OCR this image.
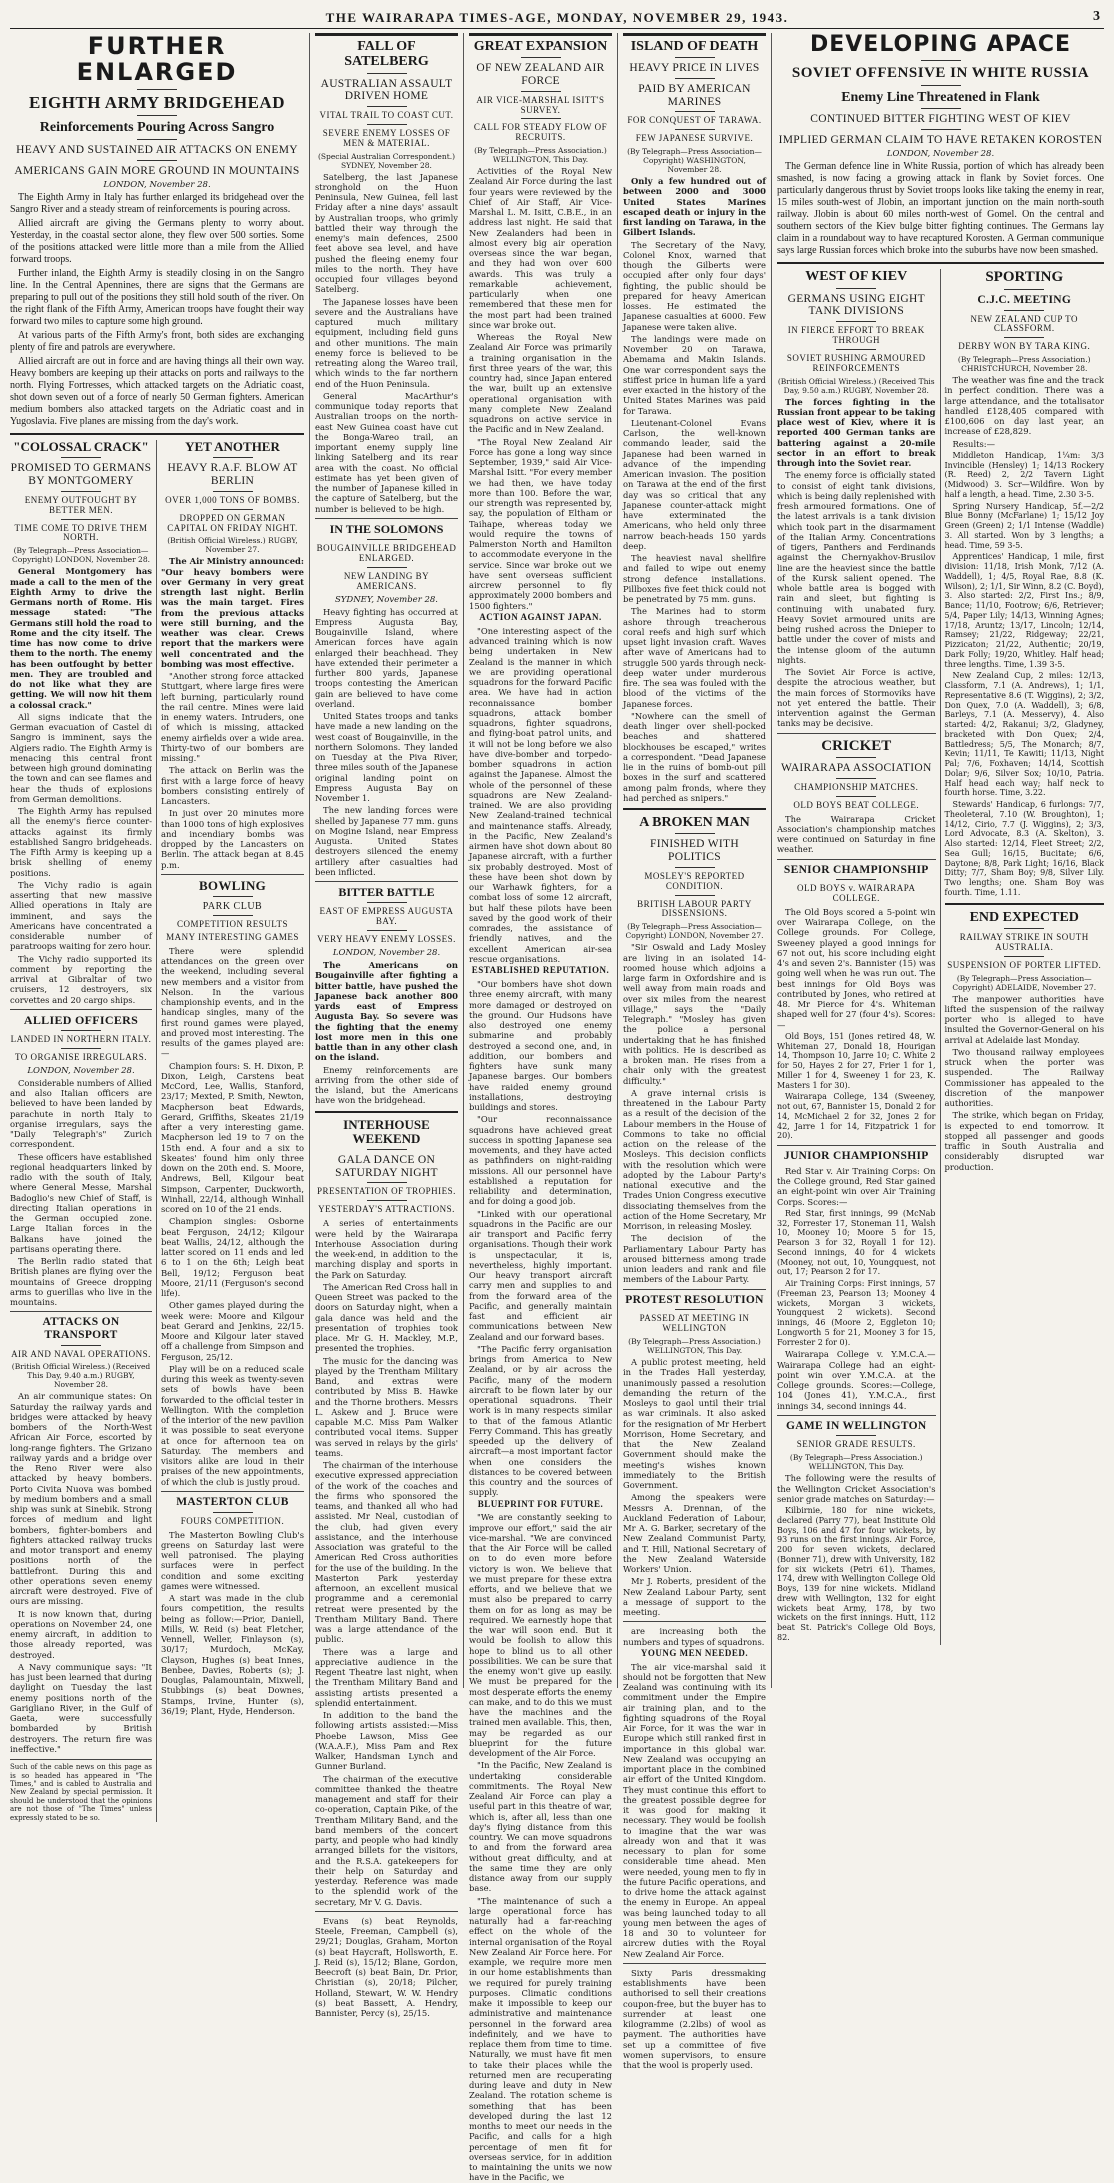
THE WAIRARAPA TIMES-AGE, MONDAY, NOVEMBER 29, 1943.	3
FURTHER ENLARGED
EIGHTH ARMY BRIDGEHEAD
Reinforcements Pouring Across Sangro
HEAVY AND SUSTAINED AIR ATTACKS ON ENEMY
AMERICANS GAIN MORE GROUND IN MOUNTAINS
LONDON, November 28.

The Eighth Army in Italy has further enlarged its bridgehead over the Sangro River and a steady stream of reinforcements is pouring across.

Allied aircraft are giving the Germans plenty to worry about. Yesterday, in the coastal sector alone, they flew over 500 sorties. Some of the positions attacked were little more than a mile from the Allied forward troops.

Further inland, the Eighth Army is steadily closing in on the Sangro line. In the Central Apennines, there are signs that the Germans are preparing to pull out of the positions they still hold south of the river. On the right flank of the Fifth Army, American troops have fought their way forward two miles to capture some high ground.

At various parts of the Fifth Army's front, both sides are exchanging plenty of fire and patrols are everywhere.

Allied aircraft are out in force and are having things all their own way. Heavy bombers are keeping up their attacks on ports and railways to the north. Flying Fortresses, which attacked targets on the Adriatic coast, shot down seven out of a force of nearly 50 German fighters. American medium bombers also attacked targets on the Adriatic coast and in Yugoslavia. Five planes are missing from the day's work.

"COLOSSAL CRACK"
PROMISED TO GERMANS BY MONTGOMERY
ENEMY OUTFOUGHT BY BETTER MEN.
TIME COME TO DRIVE THEM NORTH.
(By Telegraph—Press Association—Copyright) LONDON, November 28.

General Montgomery has made a call to the men of the Eighth Army to drive the Germans north of Rome. His message stated: "The Germans still hold the road to Rome and the city itself. The time has now come to drive them to the north. The enemy has been outfought by better men. They are troubled and do not like what they are getting. We will now hit them a colossal crack."

All signs indicate that the German evacuation of Castel di Sangro is imminent, says the Algiers radio. The Eighth Army is menacing this central front between high ground dominating the town and can see flames and hear the thuds of explosions from German demolitions.

The Eighth Army has repulsed all the enemy's fierce counter-attacks against its firmly established Sangro bridgeheads. The Fifth Army is keeping up a brisk shelling of enemy positions.

The Vichy radio is again asserting that new massive Allied operations in Italy are imminent, and says the Americans have concentrated a considerable number of paratroops waiting for zero hour.

The Vichy radio supported its comment by reporting the arrival at Gibraltar of two cruisers, 12 destroyers, six corvettes and 20 cargo ships.

ALLIED OFFICERS
LANDED IN NORTHERN ITALY.
TO ORGANISE IRREGULARS.
LONDON, November 28.

Considerable numbers of Allied and also Italian officers are believed to have been landed by parachute in north Italy to organise irregulars, says the "Daily Telegraph's" Zurich correspondent.

These officers have established regional headquarters linked by radio with the south of Italy, where General Messe, Marshal Badoglio's new Chief of Staff, is directing Italian operations in the German occupied zone. Large Italian forces in the Balkans have joined the partisans operating there.

The Berlin radio stated that British planes are flying over the mountains of Greece dropping arms to guerillas who live in the mountains.

ATTACKS ON TRANSPORT
AIR AND NAVAL OPERATIONS.
(British Official Wireless.) (Received This Day, 9.40 a.m.) RUGBY, November 28.

An air communique states: On Saturday the railway yards and bridges were attacked by heavy bombers of the North-West African Air Force, escorted by long-range fighters. The Grizano railway yards and a bridge over the Reno River were also attacked by heavy bombers. Porto Civita Nuova was bombed by medium bombers and a small ship was sunk at Sinebik. Strong forces of medium and light bombers, fighter-bombers and fighters attacked railway trucks and motor transport and enemy positions north of the battlefront. During this and other operations seven enemy aircraft were destroyed. Five of ours are missing.

It is now known that, during operations on November 24, one enemy aircraft, in addition to those already reported, was destroyed.

A Navy communique says: "It has just been learned that during daylight on Tuesday the last enemy positions north of the Garigliano River, in the Gulf of Gaeta, were successfully bombarded by British destroyers. The return fire was ineffective."

Such of the cable news on this page as is so headed has appeared in "The Times," and is cabled to Australia and New Zealand by special permission. It should be understood that the opinions are not those of "The Times" unless expressly stated to be so.
YET ANOTHER
HEAVY R.A.F. BLOW AT BERLIN
OVER 1,000 TONS OF BOMBS.
DROPPED ON GERMAN CAPITAL ON FRIDAY NIGHT.
(British Official Wireless.) RUGBY, November 27.

The Air Ministry announced: "Our heavy bombers were over Germany in very great strength last night. Berlin was the main target. Fires from the previous attacks were still burning, and the weather was clear. Crews report that the markers were well concentrated and the bombing was most effective.

"Another strong force attacked Stuttgart, where large fires were left burning, particularly round the rail centre. Mines were laid in enemy waters. Intruders, one of which is missing, attacked enemy airfields over a wide area. Thirty-two of our bombers are missing."

The attack on Berlin was the first with a large force of heavy bombers consisting entirely of Lancasters.

In just over 20 minutes more than 1000 tons of high explosives and incendiary bombs was dropped by the Lancasters on Berlin. The attack began at 8.45 p.m.

BOWLING
PARK CLUB
COMPETITION RESULTS
MANY INTERESTING GAMES

There were splendid attendances on the green over the weekend, including several new members and a visitor from Nelson. In the various championship events, and in the handicap singles, many of the first round games were played, and proved most interesting. The results of the games played are:—

Champion fours: S. H. Dixon, P. Dixon, Leigh, Carstens beat McCord, Lee, Wallis, Stanford, 23/17; Mexted, P. Smith, Newton, Macpherson beat Edwards, Gerard, Griffiths, Skeates 21/19 after a very interesting game. Macpherson led 19 to 7 on the 15th end. A four and a six to Skeates' found him only three down on the 20th end. S. Moore, Andrews, Bell, Kilgour beat Simpson, Carpenter, Duckworth, Winhall, 22/14, although Winhall scored on 10 of the 21 ends.

Champion singles: Osborne beat Ferguson, 24/12; Kilgour beat Wallis, 24/12, although the latter scored on 11 ends and led 6 to 1 on the 6th; Leigh beat Bell, 19/12; Ferguson beat Moore, 21/11 (Ferguson's second life).

Other games played during the week were: Moore and Kilgour beat Gerard and Jenkins, 22/15. Moore and Kilgour later staved off a challenge from Simpson and Ferguson, 25/12.

Play will be on a reduced scale during this week as twenty-seven sets of bowls have been forwarded to the official tester in Wellington. With the completion of the interior of the new pavilion it was possible to seat everyone at once for afternoon tea on Saturday. The members and visitors alike are loud in their praises of the new appointments, of which the club is justly proud.

MASTERTON CLUB
FOURS COMPETITION.

The Masterton Bowling Club's greens on Saturday last were well patronised. The playing surfaces were in perfect condition and some exciting games were witnessed.

A start was made in the club fours competition, the results being as follow:—Prior, Daniell, Mills, W. Reid (s) beat Fletcher, Vennell, Weller, Finlayson (s), 30/17; Murdoch, McKay, Clayson, Hughes (s) beat Innes, Benbee, Davies, Roberts (s); J. Douglas, Palamountain, Mixwell, Stubbings (s) beat Downes, Stamps, Irvine, Hunter (s), 36/19; Plant, Hyde, Henderson.

FALL OF SATELBERG
AUSTRALIAN ASSAULT DRIVEN HOME
VITAL TRAIL TO COAST CUT.
SEVERE ENEMY LOSSES OF MEN & MATERIAL.
(Special Australian Correspondent.) SYDNEY, November 28.

Satelberg, the last Japanese stronghold on the Huon Peninsula, New Guinea, fell last Friday after a nine days' assault by Australian troops, who grimly battled their way through the enemy's main defences, 2500 feet above sea level, and have pushed the fleeing enemy four miles to the north. They have occupied four villages beyond Satelberg.

The Japanese losses have been severe and the Australians have captured much military equipment, including field guns and other munitions. The main enemy force is believed to be retreating along the Wareo trail, which winds to the far northern end of the Huon Peninsula.

General MacArthur's communique today reports that Australian troops on the north-east New Guinea coast have cut the Bonga-Wareo trail, an important enemy supply line linking Satelberg and its rear area with the coast. No official estimate has yet been given of the number of Japanese killed in the capture of Satelberg, but the number is believed to be high.

IN THE SOLOMONS
BOUGAINVILLE BRIDGEHEAD ENLARGED.
NEW LANDING BY AMERICANS.
SYDNEY, November 28.

Heavy fighting has occurred at Empress Augusta Bay, Bougainville Island, where American forces have again enlarged their beachhead. They have extended their perimeter a further 800 yards, Japanese troops contesting the American gain are believed to have come overland.

United States troops and tanks have made a new landing on the west coast of Bougainville, in the northern Solomons. They landed on Tuesday at the Piva River, three miles south of the Japanese original landing point on Empress Augusta Bay on November 1.

The new landing forces were shelled by Japanese 77 mm. guns on Mogine Island, near Empress Augusta. United States destroyers silenced the enemy artillery after casualties had been inflicted.

BITTER BATTLE
EAST OF EMPRESS AUGUSTA BAY.
VERY HEAVY ENEMY LOSSES.
LONDON, November 28.

The Americans on Bougainville after fighting a bitter battle, have pushed the Japanese back another 800 yards east of Empress Augusta Bay. So severe was the fighting that the enemy lost more men in this one battle than in any other clash on the island.

Enemy reinforcements are arriving from the other side of the island, but the Americans have won the bridgehead.

INTERHOUSE WEEKEND
GALA DANCE ON SATURDAY NIGHT
PRESENTATION OF TROPHIES.
YESTERDAY'S ATTRACTIONS.

A series of entertainments were held by the Wairarapa Interhouse Association during the week-end, in addition to the marching display and sports in the Park on Saturday.

The American Red Cross hall in Queen Street was packed to the doors on Saturday night, when a gala dance was held and the presentation of trophies took place. Mr G. H. Mackley, M.P., presented the trophies.

The music for the dancing was played by the Trentham Military Band, and extras were contributed by Miss B. Hawke and the Thorne brothers. Messrs L. Askew and J. Bruce were capable M.C. Miss Pam Walker contributed vocal items. Supper was served in relays by the girls' teams.

The chairman of the interhouse executive expressed appreciation of the work of the coaches and the firms who sponsored the teams, and thanked all who had assisted. Mr Neal, custodian of the club, had given every assistance, and the interhouse Association was grateful to the American Red Cross authorities for the use of the building. In the Masterton Park yesterday afternoon, an excellent musical programme and a ceremonial retreat were presented by the Trentham Military Band. There was a large attendance of the public.

There was a large and appreciative audience in the Regent Theatre last night, when the Trentham Military Band and assisting artists presented a splendid entertainment.

In addition to the band the following artists assisted:—Miss Phoebe Lawson, Miss Gee (W.A.A.F.), Miss Pam and Rex Walker, Handsman Lynch and Gunner Burland.

The chairman of the executive committee thanked the theatre management and staff for their co-operation, Captain Pike, of the Trentham Military Band, and the band members of the concert party, and people who had kindly arranged billets for the visitors, and the R.S.A. gatekeepers for their help on Saturday and yesterday. Reference was made to the splendid work of the secretary, Mr V. G. Davis.

Evans (s) beat Reynolds, Steele, Freeman, Campbell (s), 29/21; Douglas, Graham, Morton (s) beat Haycraft, Hollsworth, E. J. Reid (s), 15/12; Blane, Gordon, Beecroft (s) beat Bain, Dr. Prior, Christian (s), 20/18; Pilcher, Holland, Stewart, W. W. Hendry (s) beat Bassett, A. Hendry, Bannister, Percy (s), 25/15.

GREAT EXPANSION
OF NEW ZEALAND AIR FORCE
AIR VICE-MARSHAL ISITT'S SURVEY.
CALL FOR STEADY FLOW OF RECRUITS.
(By Telegraph—Press Association.) WELLINGTON, This Day.

Activities of the Royal New Zealand Air Force during the last four years were reviewed by the Chief of Air Staff, Air Vice-Marshal L. M. Isitt, C.B.E., in an address last night. He said that New Zealanders had been in almost every big air operation overseas since the war began, and they had won over 600 awards. This was truly a remarkable achievement, particularly when one remembered that these men for the most part had been trained since war broke out.

Whereas the Royal New Zealand Air Force was primarily a training organisation in the first three years of the war, this country had, since Japan entered the war, built up an extensive operational organisation with many complete New Zealand squadrons on active service in the Pacific and in New Zealand.

"The Royal New Zealand Air Force has gone a long way since September, 1939," said Air Vice-Marshal Isitt. "For every member we had then, we have today more than 100. Before the war, our strength was represented by, say, the population of Eltham or Taihape, whereas today we would require the towns of Palmerston North and Hamilton to accommodate everyone in the service. Since war broke out we have sent overseas sufficient aircrew personnel to fly approximately 2000 bombers and 1500 fighters."

ACTION AGAINST JAPAN.

"One interesting aspect of the advanced training which is now being undertaken in New Zealand is the manner in which we are providing operational squadrons for the forward Pacific area. We have had in action reconnaissance bomber squadrons, attack bomber squadrons, fighter squadrons, and flying-boat patrol units, and it will not be long before we also have dive-bomber and torpedo-bomber squadrons in action against the Japanese. Almost the whole of the personnel of these squadrons are New Zealand-trained. We are also providing New Zealand-trained technical and maintenance staffs. Already, in the Pacific, New Zealand's airmen have shot down about 80 Japanese aircraft, with a further six probably destroyed. Most of these have been shot down by our Warhawk fighters, for a combat loss of some 12 aircraft, but half these pilots have been saved by the good work of their comrades, the assistance of friendly natives, and the excellent American air-sea rescue organisations.

ESTABLISHED REPUTATION.

"Our bombers have shot down three enemy aircraft, with many more damaged or destroyed on the ground. Our Hudsons have also destroyed one enemy submarine and probably destroyed a second one, and, in addition, our bombers and fighters have sunk many Japanese barges. Our bombers have raided enemy ground installations, destroying buildings and stores.

"Our reconnaissance squadrons have achieved great success in spotting Japanese sea movements, and they have acted as pathfinders on night-raiding missions. All our personnel have established a reputation for reliability and determination, and for doing a good job.

"Linked with our operational squadrons in the Pacific are our air transport and Pacific ferry organisations. Though their work is unspectacular, it is, nevertheless, highly important. Our heavy transport aircraft carry men and supplies to and from the forward area of the Pacific, and generally maintain fast and efficient air communications between New Zealand and our forward bases.

"The Pacific ferry organisation brings from America to New Zealand, or by air across the Pacific, many of the modern aircraft to be flown later by our operational squadrons. Their work is in many respects similar to that of the famous Atlantic Ferry Command. This has greatly speeded up the delivery of aircraft—a most important factor when one considers the distances to be covered between this country and the sources of supply.

BLUEPRINT FOR FUTURE.

"We are constantly seeking to improve our effort," said the air vice-marshal. "We are convinced that the Air Force will be called on to do even more before victory is won. We believe that we must prepare for these extra efforts, and we believe that we must also be prepared to carry them on for as long as may be required. We earnestly hope that the war will soon end. But it would be foolish to allow this hope to blind us to all other possibilities. We can be sure that the enemy won't give up easily. We must be prepared for the most desperate efforts the enemy can make, and to do this we must have the machines and the trained men available. This, then, may be regarded as our blueprint for the future development of the Air Force.

"In the Pacific, New Zealand is undertaking considerable commitments. The Royal New Zealand Air Force can play a useful part in this theatre of war, which is, after all, less than one day's flying distance from this country. We can move squadrons to and from the forward area without great difficulty, and at the same time they are only distance away from our supply base.

"The maintenance of such a large operational force has naturally had a far-reaching effect on the whole of the internal organisation of the Royal New Zealand Air Force here. For example, we require more men in our home establishments than we required for purely training purposes. Climatic conditions make it impossible to keep our administrative and maintenance personnel in the forward area indefinitely, and we have to replace them from time to time. Naturally, we must have fit men to take their places while the returned men are recuperating during leave and duty in New Zealand. The rotation scheme is something that has been developed during the last 12 months to meet our needs in the Pacific, and calls for a high percentage of men fit for overseas service, for in addition to maintaining the units we now have in the Pacific, we

ISLAND OF DEATH
HEAVY PRICE IN LIVES
PAID BY AMERICAN MARINES
FOR CONQUEST OF TARAWA.
FEW JAPANESE SURVIVE.
(By Telegraph—Press Association—Copyright) WASHINGTON, November 28.

Only a few hundred out of between 2000 and 3000 United States Marines escaped death or injury in the first landing on Tarawa, in the Gilbert Islands.

The Secretary of the Navy, Colonel Knox, warned that though the Gilberts were occupied after only four days' fighting, the public should be prepared for heavy American losses. He estimated the Japanese casualties at 6000. Few Japanese were taken alive.

The landings were made on November 20 on Tarawa, Abemama and Makin Islands. One war correspondent says the stiffest price in human life a yard ever exacted in the history of the United States Marines was paid for Tarawa.

Lieutenant-Colonel Evans Carlson, the well-known commando leader, said the Japanese had been warned in advance of the impending American invasion. The position on Tarawa at the end of the first day was so critical that any Japanese counter-attack might have exterminated the Americans, who held only three narrow beach-heads 150 yards deep.

The heaviest naval shellfire and failed to wipe out enemy strong defence installations. Pillboxes five feet thick could not be penetrated by 75 mm. guns.

The Marines had to storm ashore through treacherous coral reefs and high surf which upset light invasion craft. Waves after wave of Americans had to struggle 500 yards through neck-deep water under murderous fire. The sea was fouled with the blood of the victims of the Japanese forces.

"Nowhere can the smell of death linger over shell-pocked beaches and shattered blockhouses be escaped," writes a correspondent. "Dead Japanese lie in the ruins of bomb-out pill boxes in the surf and scattered among palm fronds, where they had perched as snipers."

A BROKEN MAN
FINISHED WITH POLITICS
MOSLEY'S REPORTED CONDITION.
BRITISH LABOUR PARTY DISSENSIONS.
(By Telegraph—Press Association—Copyright) LONDON, November 27.

"Sir Oswald and Lady Mosley are living in an isolated 14-roomed house which adjoins a large farm in Oxfordshire and is well away from main roads and over six miles from the nearest village," says the "Daily Telegraph." "Mosley has given the police a personal undertaking that he has finished with politics. He is described as a broken man. He rises from a chair only with the greatest difficulty."

A grave internal crisis is threatened in the Labour Party as a result of the decision of the Labour members in the House of Commons to take no official action on the release of the Mosleys. This decision conflicts with the resolution which were adopted by the Labour Party's national executive and the Trades Union Congress executive dissociating themselves from the action of the Home Secretary, Mr Morrison, in releasing Mosley.

The decision of the Parliamentary Labour Party has aroused bitterness among trade union leaders and rank and file members of the Labour Party.

PROTEST RESOLUTION
PASSED AT MEETING IN WELLINGTON
(By Telegraph—Press Association.) WELLINGTON, This Day.

A public protest meeting, held in the Trades Hall yesterday, unanimously passed a resolution demanding the return of the Mosleys to gaol until their trial as war criminals. It also asked for the resignation of Mr Herbert Morrison, Home Secretary, and that the New Zealand Government should make the meeting's wishes known immediately to the British Government.

Among the speakers were Messrs A. Drennan, of the Auckland Federation of Labour, Mr A. G. Barker, secretary of the New Zealand Communist Party, and T. Hill, National Secretary of the New Zealand Waterside Workers' Union.

Mr J. Roberts, president of the New Zealand Labour Party, sent a message of support to the meeting.

are increasing both the numbers and types of squadrons.

YOUNG MEN NEEDED.

The air vice-marshal said it should not be forgotten that New Zealand was continuing with its commitment under the Empire air training plan, and to the fighting squadrons of the Royal Air Force, for it was the war in Europe which still ranked first in importance in this global war. New Zealand was occupying an important place in the combined air effort of the United Kingdom. They must continue this effort to the greatest possible degree for it was good for making it necessary. They would be foolish to imagine that the war was already won and that it was necessary to plan for some considerable time ahead. Men were needed, young men to fly in the future Pacific operations, and to drive home the attack against the enemy in Europe. An appeal was being launched today to all young men between the ages of 18 and 30 to volunteer for aircrew duties with the Royal New Zealand Air Force.

Sixty Paris dressmaking establishments have been authorised to sell their creations coupon-free, but the buyer has to surrender at least one kilogramme (2.2lbs) of wool as payment. The authorities have set up a committee of five women supervisors, to ensure that the wool is properly used.

DEVELOPING APACE
SOVIET OFFENSIVE IN WHITE RUSSIA
Enemy Line Threatened in Flank
CONTINUED BITTER FIGHTING WEST OF KIEV
IMPLIED GERMAN CLAIM TO HAVE RETAKEN KOROSTEN
LONDON, November 28.

The German defence line in White Russia, portion of which has already been smashed, is now facing a growing attack in flank by Soviet forces. One particularly dangerous thrust by Soviet troops looks like taking the enemy in rear, 15 miles south-west of Jlobin, an important junction on the main north-south railway. Jlobin is about 60 miles north-west of Gomel. On the central and southern sectors of the Kiev bulge bitter fighting continues. The Germans lay claim in a roundabout way to have recaptured Korosten. A German communique says large Russian forces which broke into the suburbs have now been smashed.

WEST OF KIEV
GERMANS USING EIGHT TANK DIVISIONS
IN FIERCE EFFORT TO BREAK THROUGH
SOVIET RUSHING ARMOURED REINFORCEMENTS
(British Official Wireless.) (Received This Day, 9.50 a.m.) RUGBY, November 28.

The forces fighting in the Russian front appear to be taking place west of Kiev, where it is reported 400 German tanks are battering against a 20-mile sector in an effort to break through into the Soviet rear.

The enemy force is officially stated to consist of eight tank divisions, which is being daily replenished with fresh armoured formations. One of the latest arrivals is a tank division which took part in the disarmament of the Italian Army. Concentrations of tigers, Panthers and Ferdinands against the Chernyakhov-Brusilov line are the heaviest since the battle of the Kursk salient opened. The whole battle area is bogged with rain and sleet, but fighting is continuing with unabated fury. Heavy Soviet armoured units are being rushed across the Dnieper to battle under the cover of mists and the intense gloom of the autumn nights.

The Soviet Air Force is active, despite the atrocious weather, but the main forces of Stormoviks have not yet entered the battle. Their intervention against the German tanks may be decisive.

CRICKET
WAIRARAPA ASSOCIATION
CHAMPIONSHIP MATCHES.
OLD BOYS BEAT COLLEGE.

The Wairarapa Cricket Association's championship matches were continued on Saturday in fine weather.

SENIOR CHAMPIONSHIP
OLD BOYS v. WAIRARAPA COLLEGE.

The Old Boys scored a 5-point win over Wairarapa College, on the College grounds. For College, Sweeney played a good innings for 67 not out, his score including eight 4's and seven 2's. Bannister (15) was going well when he was run out. The best innings for Old Boys was contributed by Jones, who retired at 48. Mr Pierce for 4's. Whiteman shaped well for 27 (four 4's). Scores:—

Old Boys, 151 (Jones retired 48, W. Whiteman 27, Donald 18, Hourigan 14, Thompson 10, Jarre 10; C. White 2 for 50, Hayes 2 for 27, Frier 1 for 1, Miller 1 for 4, Sweeney 1 for 23, K. Masters 1 for 30).

Wairarapa College, 134 (Sweeney, not out, 67, Bannister 15, Donald 2 for 14, McMichael 2 for 32, Jones 2 for 42, Jarre 1 for 14, Fitzpatrick 1 for 20).

JUNIOR CHAMPIONSHIP

Red Star v. Air Training Corps: On the College ground, Red Star gained an eight-point win over Air Training Corps. Scores:—

Red Star, first innings, 99 (McNab 32, Forrester 17, Stoneman 11, Walsh 10, Mooney 10; Moore 5 for 15, Pearson 3 for 32, Royall 1 for 12). Second innings, 40 for 4 wickets (Mooney, not out, 10, Youngquest, not out, 17; Pearson 2 for 17.

Air Training Corps: First innings, 57 (Freeman 23, Pearson 13; Mooney 4 wickets, Morgan 3 wickets, Youngquest 2 wickets). Second innings, 46 (Moore 2, Eggleton 10; Longworth 5 for 21, Mooney 3 for 15, Forrester 2 for 0).

Wairarapa College v. Y.M.C.A.—Wairarapa College had an eight-point win over Y.M.C.A. at the College grounds. Scores:—College, 104 (Jones 41), Y.M.C.A., first innings 34, second innings 44.

GAME IN WELLINGTON
SENIOR GRADE RESULTS.
(By Telegraph—Press Association.) WELLINGTON, This Day.

The following were the results of the Wellington Cricket Association's senior grade matches on Saturday:—

Kilbirnie, 180 for nine wickets, declared (Parry 77), beat Institute Old Boys, 106 and 47 for four wickets, by 93 runs on the first innings. Air Force, 200 for seven wickets, declared (Bonner 71), drew with University, 182 for six wickets (Petri 61). Thames, 174, drew with Wellington College Old Boys, 139 for nine wickets. Midland drew with Wellington, 132 for eight wickets beat Army, 178, by two wickets on the first innings. Hutt, 112 beat St. Patrick's College Old Boys, 82.

SPORTING
C.J.C. MEETING
NEW ZEALAND CUP TO CLASSFORM.
DERBY WON BY TARA KING.
(By Telegraph—Press Association.) CHRISTCHURCH, November 28.

The weather was fine and the track in perfect condition. There was a large attendance, and the totalisator handled £128,405 compared with £100,606 on day last year, an increase of £28,829.

Results:—

Middleton Handicap, 1¼m: 3/3 Invincible (Hensley) 1; 14/13 Rockery (R. Reed) 2, 2/2 Tavern Light (Midwood) 3. Scr—Wildfire. Won by half a length, a head. Time, 2.30 3-5.

Spring Nursery Handicap, 5f.—2/2 Blue Bonny (McFarlane) 1; 15/12 Joy Green (Green) 2; 1/1 Intense (Waddle) 3. All started. Won by 3 lengths; a head. Time, 59 3-5.

Apprentices' Handicap, 1 mile, first division: 11/18, Irish Monk, 7/12 (A. Waddell), 1; 4/5, Royal Rae, 8.8 (K. Wilson), 2; 1/1, Sir Winn, 8.2 (C. Boyd), 3. Also started: 2/2, First Ins.; 8/9, Bance; 11/10, Footrow; 6/6, Retriever; 5/4, Paper Lily; 14/13, Winning Agnes; 17/18, Aruntz; 13/17, Lincoln; 12/14, Ramsey; 21/22, Ridgeway; 22/21, Pizzicaton; 21/22, Authentic; 20/19, Dark Folly; 19/20, Whitley. Half head; three lengths. Time, 1.39 3-5.

New Zealand Cup, 2 miles: 12/13, Classform, 7.1 (A. Andrews), 1; 1/1, Representative 8.6 (T. Wiggins), 2; 3/2, Don Quex, 7.0 (A. Waddell), 3; 6/8, Barleys, 7.1 (A. Messervy), 4. Also started: 4/2, Rakanui; 3/2, Gladyney, bracketed with Don Quex; 2/4, Battledress; 5/5, The Monarch; 8/7, Kevin; 11/11, Te Kawiti; 11/13, Night Pal; 7/6, Foxhaven; 14/14, Scottish Dolar; 9/6, Silver Sox; 10/10, Patria. Half head each way; half neck to fourth horse. Time, 3.22.

Stewards' Handicap, 6 furlongs: 7/7, Theoleteral, 7.10 (W. Broughton), 1; 14/12, Cirio, 7.7 (J. Wiggins), 2; 3/3, Lord Advocate, 8.3 (A. Skelton), 3. Also started: 12/14, Fleet Street; 2/2, Sea Gull; 16/15, Bucitate; 6/6, Daytone; 8/8, Park Light; 16/16, Black Ditty; 7/7, Sham Boy; 9/8, Silver Lily. Two lengths; one. Sham Boy was fourth. Time, 1.11.

END EXPECTED
RAILWAY STRIKE IN SOUTH AUSTRALIA.
SUSPENSION OF PORTER LIFTED.
(By Telegraph—Press Association—Copyright) ADELAIDE, November 27.

The manpower authorities have lifted the suspension of the railway porter who is alleged to have insulted the Governor-General on his arrival at Adelaide last Monday.

Two thousand railway employees struck when the porter was suspended. The Railway Commissioner has appealed to the discretion of the manpower authorities.

The strike, which began on Friday, is expected to end tomorrow. It stopped all passenger and goods traffic in South Australia and considerably disrupted war production.
